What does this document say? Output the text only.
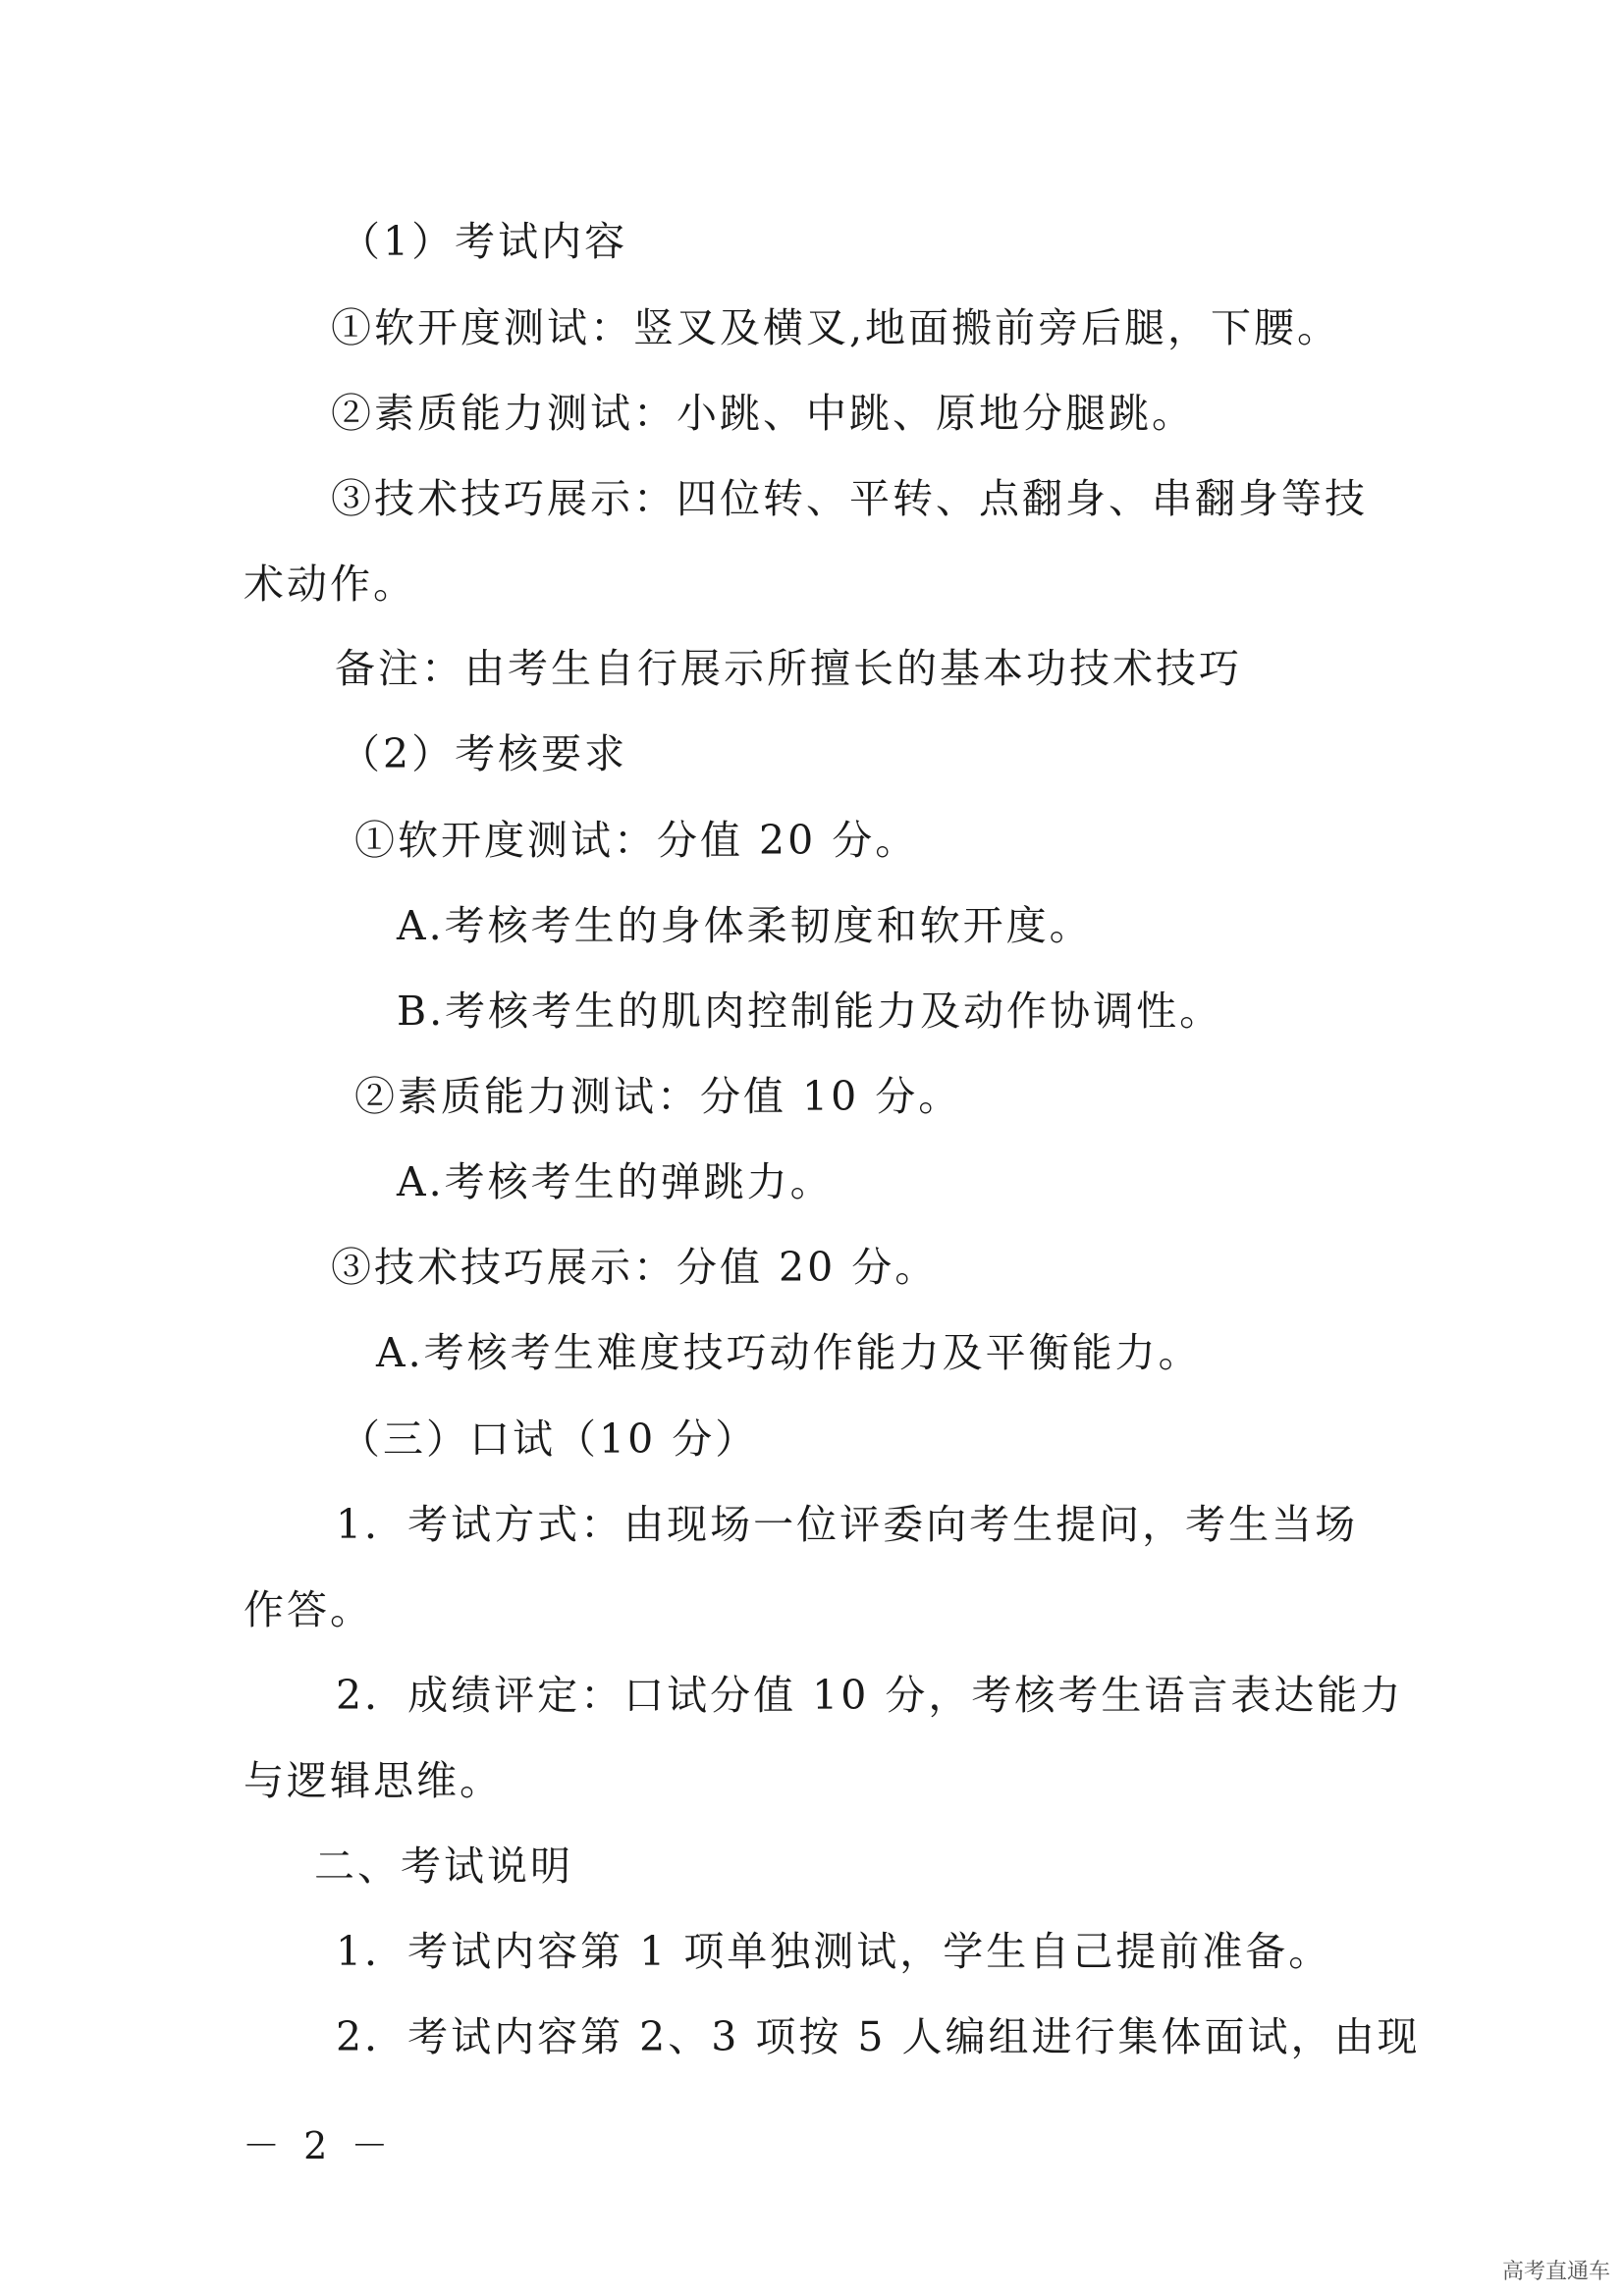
（1）考试内容
①软开度测试：竖叉及横叉,地面搬前旁后腿，下腰。
②素质能力测试：小跳、中跳、原地分腿跳。
③技术技巧展示：四位转、平转、点翻身、串翻身等技
术动作。
备注：由考生自行展示所擅长的基本功技术技巧
（2）考核要求
①软开度测试：分值 20 分。
A.考核考生的身体柔韧度和软开度。
B.考核考生的肌肉控制能力及动作协调性。
②素质能力测试：分值 10 分。
A.考核考生的弹跳力。
③技术技巧展示：分值 20 分。
A.考核考生难度技巧动作能力及平衡能力。
（三）口试（10 分）
1．考试方式：由现场一位评委向考生提问，考生当场
作答。
2．成绩评定：口试分值 10 分，考核考生语言表达能力
与逻辑思维。
二、考试说明
1．考试内容第 1 项单独测试，学生自己提前准备。
2．考试内容第 2、3 项按 5 人编组进行集体面试，由现
－ 2 －
高考直通车
